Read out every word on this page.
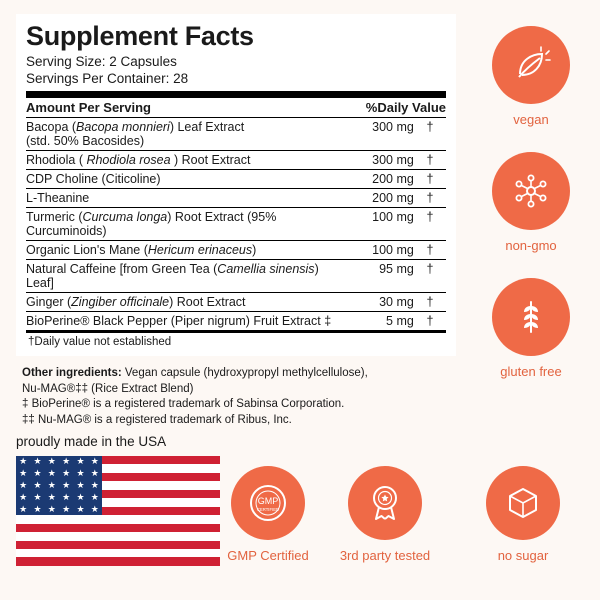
Supplement Facts
Serving Size: 2 Capsules
Servings Per Container: 28
Amount Per Serving	%Daily Value	
Bacopa (Bacopa monnieri) Leaf Extract
(std. 50% Bacosides)	300 mg	†
Rhodiola ( Rhodiola rosea ) Root Extract	300 mg	†
CDP Choline (Citicoline)	200 mg	†
L-Theanine	200 mg	†
Turmeric (Curcuma longa) Root Extract (95% Curcuminoids)	100 mg	†
Organic Lion's Mane (Hericum erinaceus)	100 mg	†
Natural Caffeine [from Green Tea (Camellia sinensis) Leaf]	95 mg	†
Ginger (Zingiber officinale) Root Extract	30 mg	†
BioPerine® Black Pepper (Piper nigrum) Fruit Extract ‡	5 mg	†
†Daily value not established
Other ingredients: Vegan capsule (hydroxypropyl methylcellulose),
Nu-MAG®‡‡ (Rice Extract Blend)
‡ BioPerine® is a registered trademark of Sabinsa Corporation.
‡‡ Nu-MAG® is a registered trademark of Ribus, Inc.
vegan
non-gmo
gluten free
GMP
CERTIFIED
GMP Certified	3rd party tested	no sugar
proudly made in the USA
★ ★ ★ ★ ★ ★
★ ★ ★ ★ ★ ★
★ ★ ★ ★ ★ ★
★ ★ ★ ★ ★ ★
★ ★ ★ ★ ★ ★
